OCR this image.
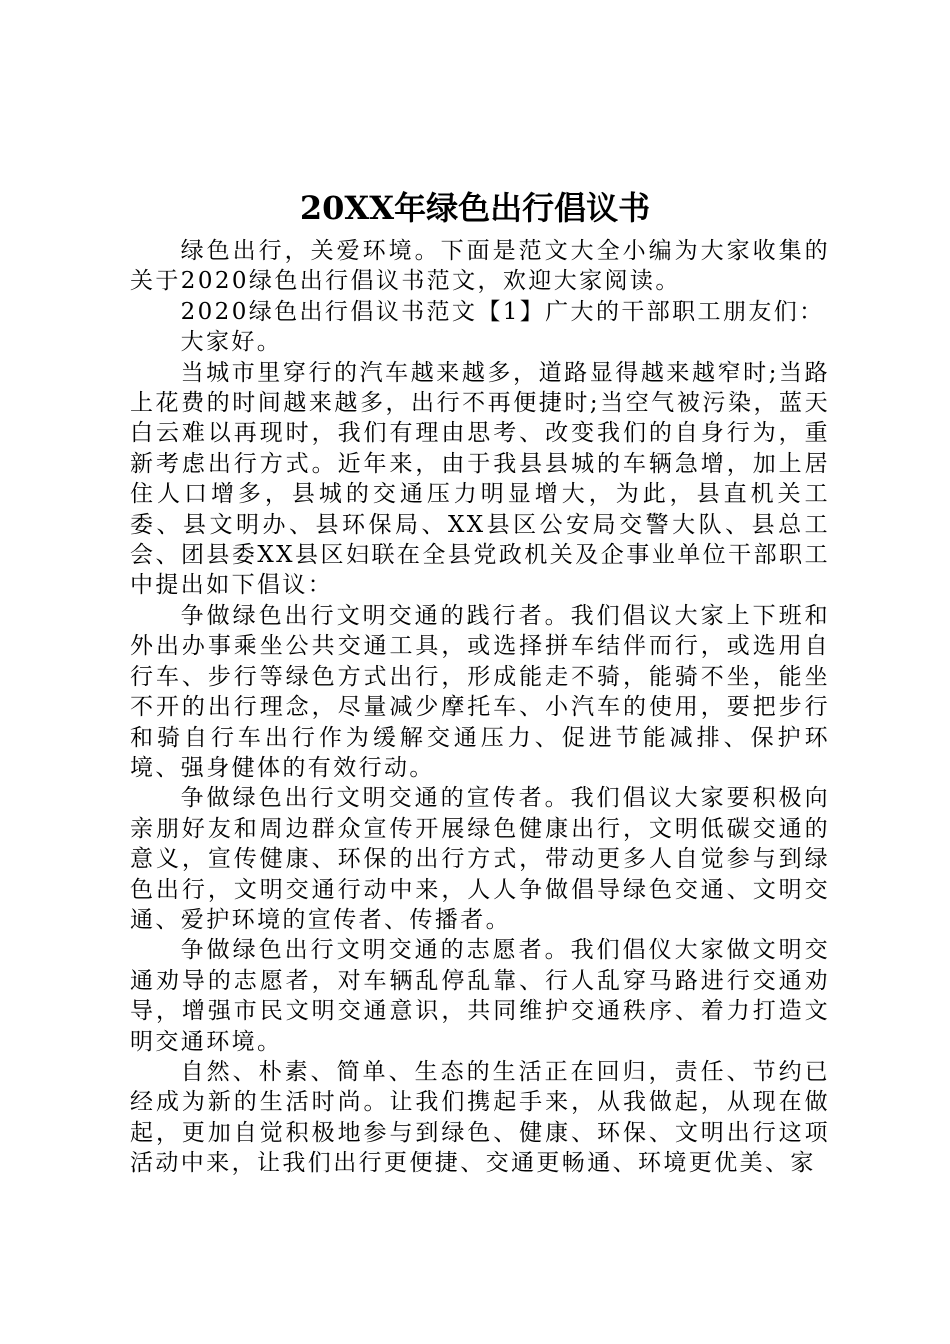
20XX年绿色出行倡议书

绿色出行，关爱环境。下面是范文大全小编为大家收集的关于2020绿色出行倡议书范文，欢迎大家阅读。

2020绿色出行倡议书范文【1】广大的干部职工朋友们：

大家好。

当城市里穿行的汽车越来越多，道路显得越来越窄时;当路上花费的时间越来越多，出行不再便捷时;当空气被污染，蓝天白云难以再现时，我们有理由思考、改变我们的自身行为，重新考虑出行方式。近年来，由于我县县城的车辆急增，加上居住人口增多，县城的交通压力明显增大，为此，县直机关工委、县文明办、县环保局、XX县区公安局交警大队、县总工会、团县委XX县区妇联在全县党政机关及企事业单位干部职工中提出如下倡议：

争做绿色出行文明交通的践行者。我们倡议大家上下班和外出办事乘坐公共交通工具，或选择拼车结伴而行，或选用自行车、步行等绿色方式出行，形成能走不骑，能骑不坐，能坐不开的出行理念，尽量减少摩托车、小汽车的使用，要把步行和骑自行车出行作为缓解交通压力、促进节能减排、保护环境、强身健体的有效行动。

争做绿色出行文明交通的宣传者。我们倡议大家要积极向亲朋好友和周边群众宣传开展绿色健康出行，文明低碳交通的意义，宣传健康、环保的出行方式，带动更多人自觉参与到绿色出行，文明交通行动中来，人人争做倡导绿色交通、文明交通、爱护环境的宣传者、传播者。

争做绿色出行文明交通的志愿者。我们倡仪大家做文明交通劝导的志愿者，对车辆乱停乱靠、行人乱穿马路进行交通劝导，增强市民文明交通意识，共同维护交通秩序、着力打造文明交通环境。

自然、朴素、简单、生态的生活正在回归，责任、节约已经成为新的生活时尚。让我们携起手来，从我做起，从现在做起，更加自觉积极地参与到绿色、健康、环保、文明出行这项活动中来，让我们出行更便捷、交通更畅通、环境更优美、家
